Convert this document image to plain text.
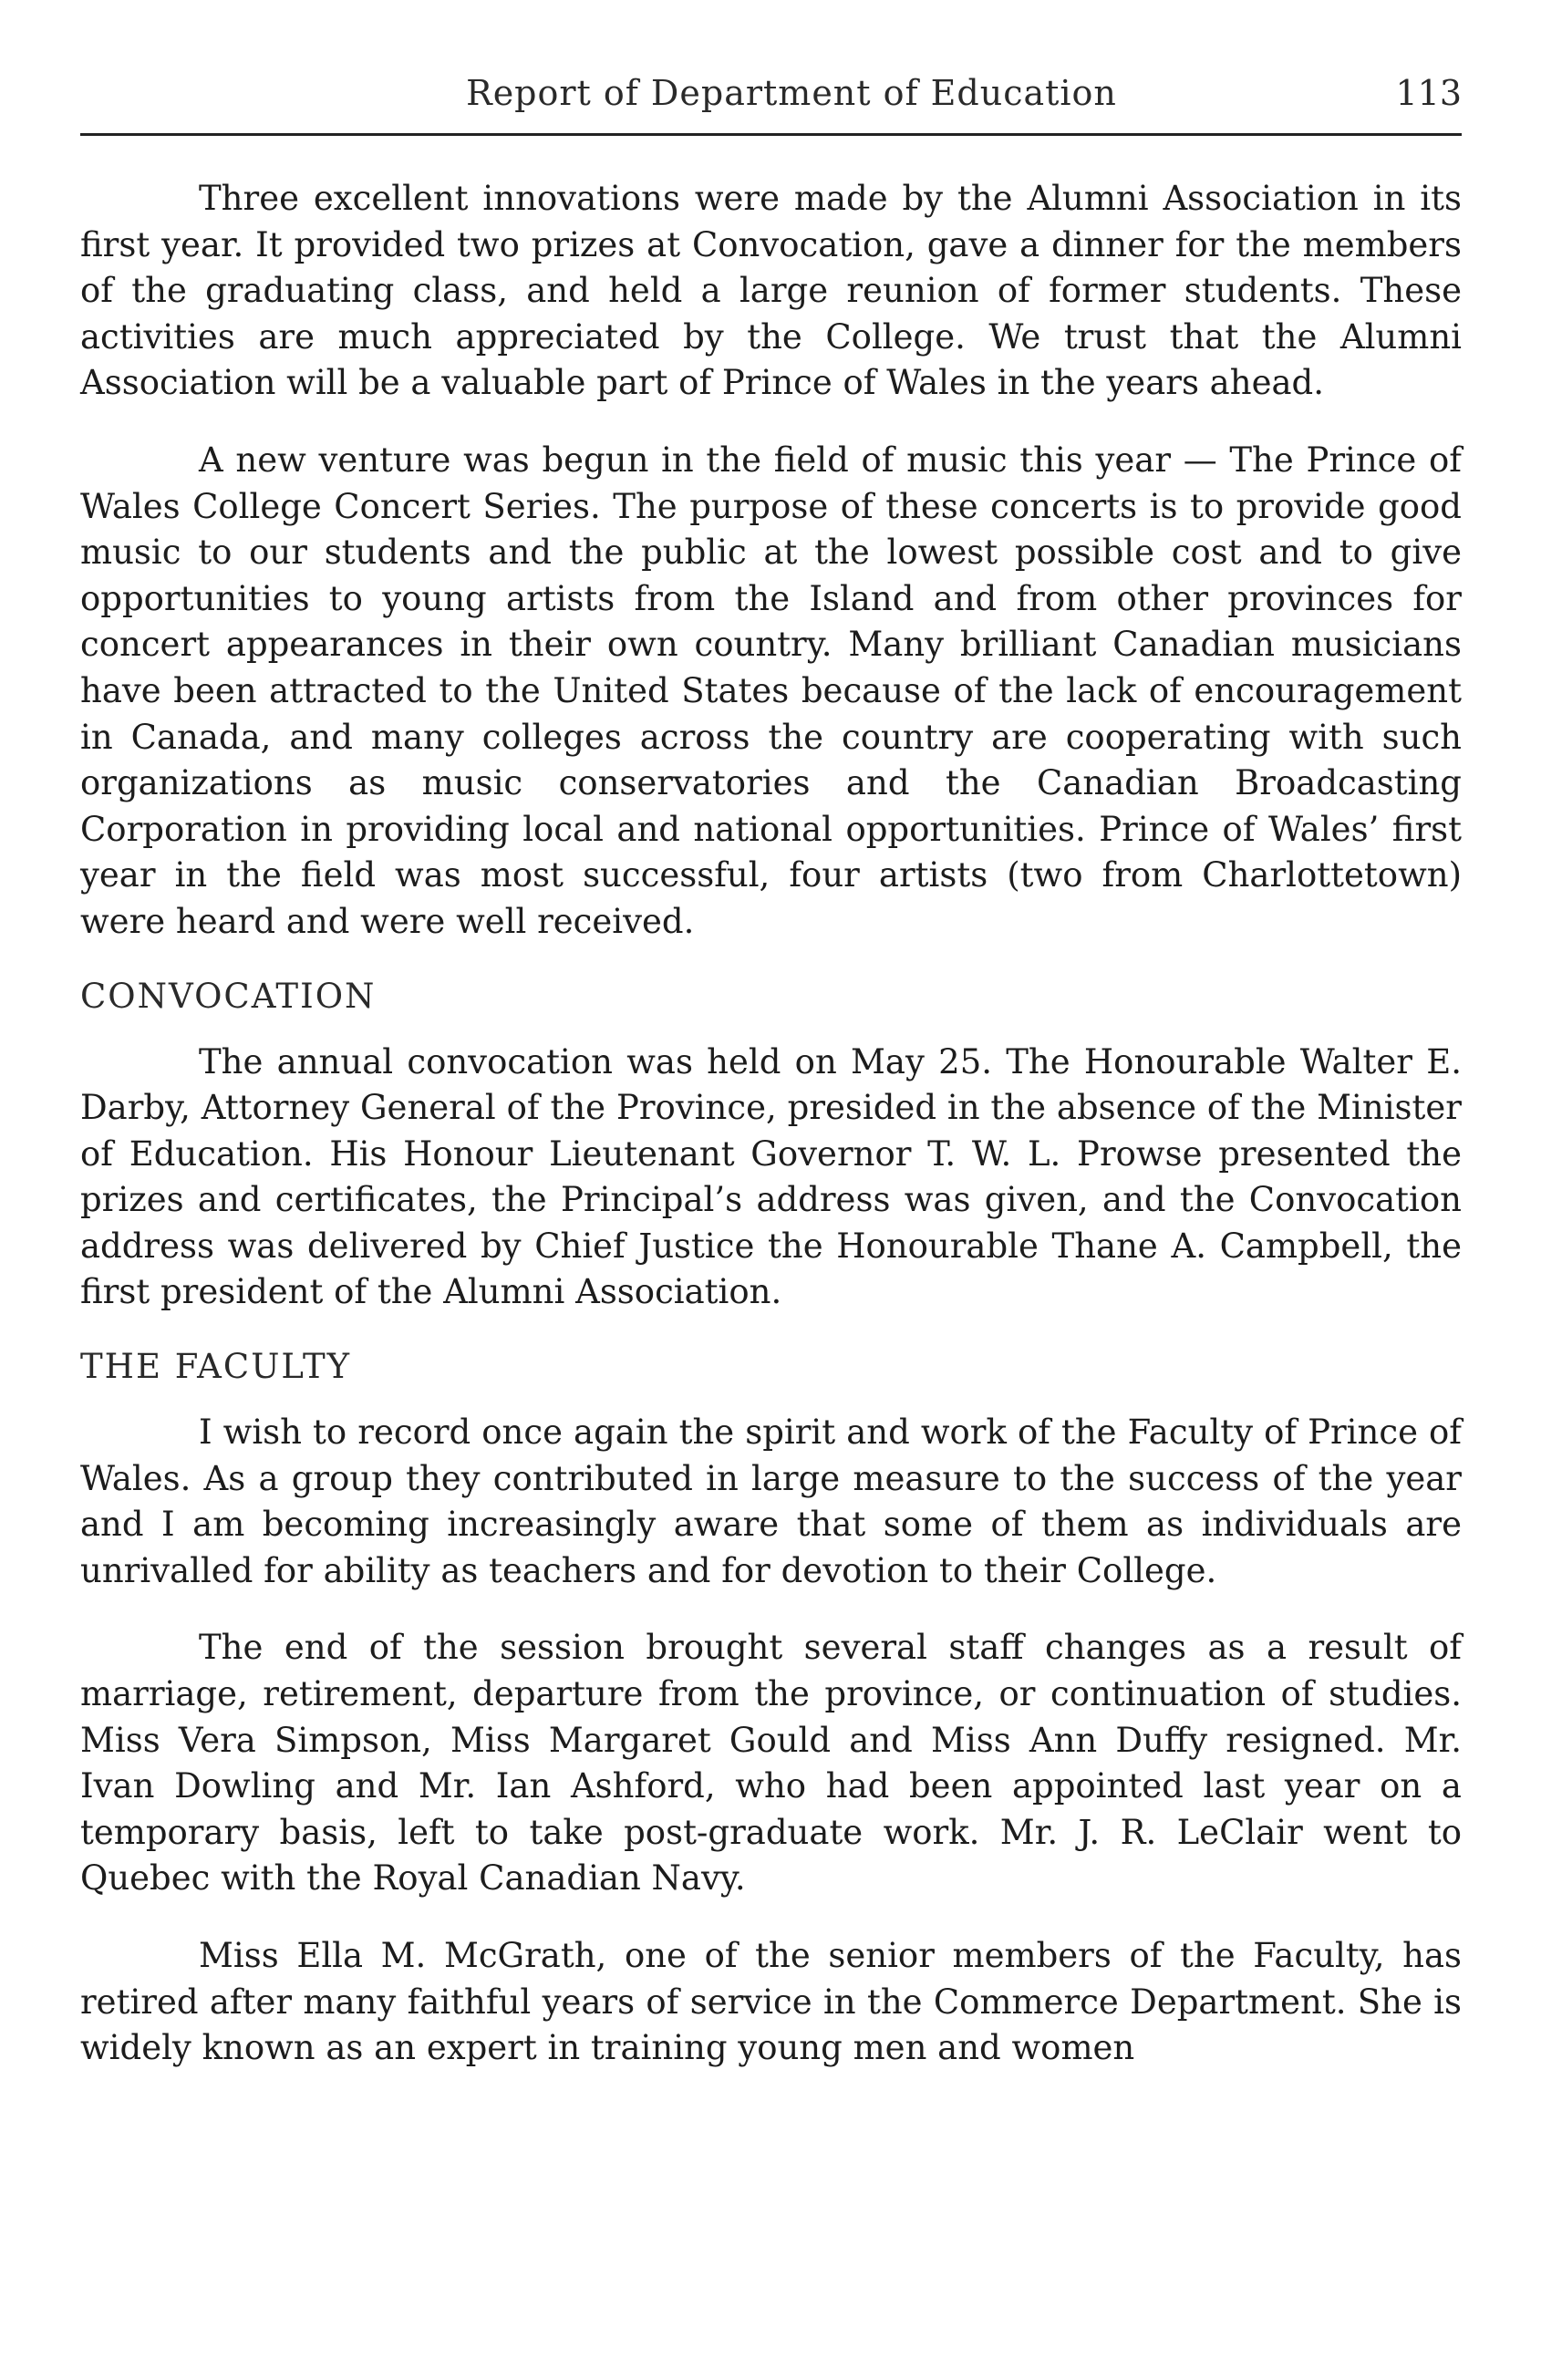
Report of Department of Education	113

Three excellent innovations were made by the Alumni Association in its first year. It provided two prizes at Convocation, gave a dinner for the members of the graduating class, and held a large reunion of former students. These activities are much appreciated by the College. We trust that the Alumni Association will be a valuable part of Prince of Wales in the years ahead.

A new venture was begun in the field of music this year — The Prince of Wales College Concert Series. The purpose of these concerts is to provide good music to our students and the public at the lowest possible cost and to give opportunities to young artists from the Island and from other provinces for concert appearances in their own country. Many brilliant Canadian musicians have been attracted to the United States because of the lack of encouragement in Canada, and many colleges across the country are cooperating with such organizations as music conservatories and the Canadian Broadcasting Corporation in providing local and national opportunities. Prince of Wales’ first year in the field was most successful, four artists (two from Charlottetown) were heard and were well received.

CONVOCATION

The annual convocation was held on May 25. The Honourable Walter E. Darby, Attorney General of the Province, presided in the absence of the Minister of Education. His Honour Lieutenant Governor T. W. L. Prowse presented the prizes and certificates, the Principal’s address was given, and the Convocation address was delivered by Chief Justice the Honourable Thane A. Campbell, the first president of the Alumni Association.

THE FACULTY

I wish to record once again the spirit and work of the Faculty of Prince of Wales. As a group they contributed in large measure to the success of the year and I am becoming increasingly aware that some of them as individuals are unrivalled for ability as teachers and for devotion to their College.

The end of the session brought several staff changes as a result of marriage, retirement, departure from the province, or continuation of studies. Miss Vera Simpson, Miss Margaret Gould and Miss Ann Duffy resigned. Mr. Ivan Dowling and Mr. Ian Ashford, who had been appointed last year on a temporary basis, left to take post-graduate work. Mr. J. R. LeClair went to Quebec with the Royal Canadian Navy.

Miss Ella M. McGrath, one of the senior members of the Faculty, has retired after many faithful years of service in the Commerce Department. She is widely known as an expert in training young men and women
